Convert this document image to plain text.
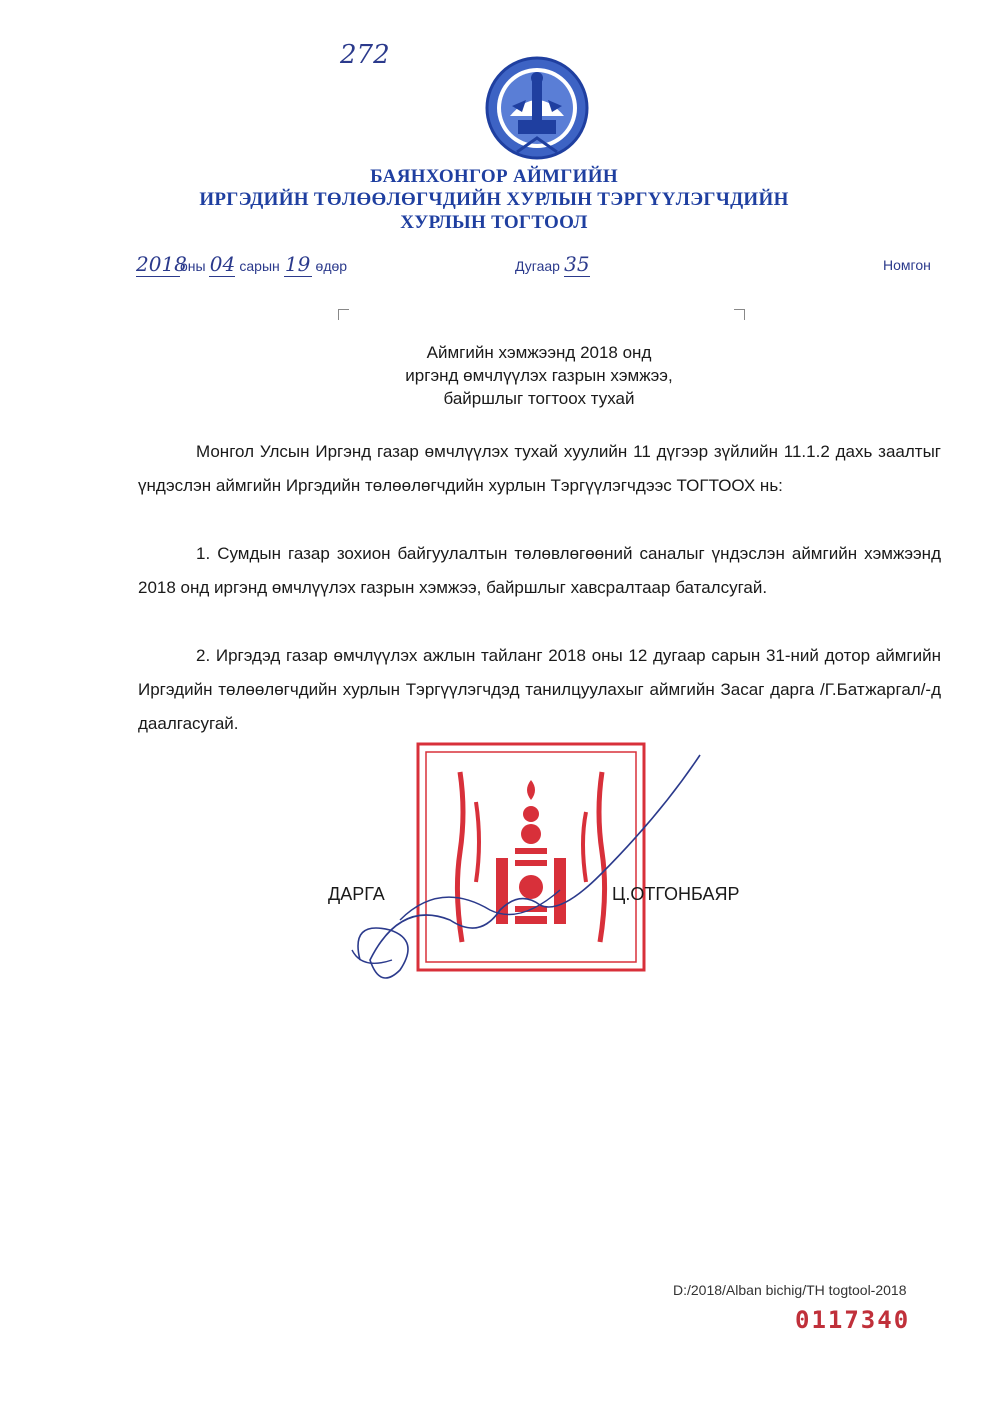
272
БАЯНХОНГОР АЙМГИЙН
ИРГЭДИЙН ТӨЛӨӨЛӨГЧДИЙН ХУРЛЫН ТЭРГҮҮЛЭГЧДИЙН
ХУРЛЫН ТОГТООЛ
2018оны 04 сарын 19 өдөр	Дугаар 35	Номгон
Аймгийн хэмжээнд 2018 онд
иргэнд өмчлүүлэх газрын хэмжээ,
байршлыг тогтоох тухай
Монгол Улсын Иргэнд газар өмчлүүлэх тухай хуулийн 11 дүгээр зүйлийн 11.1.2 дахь заалтыг үндэслэн аймгийн Иргэдийн төлөөлөгчдийн хурлын Тэргүүлэгчдээс ТОГТООХ нь:
1. Сумдын газар зохион байгуулалтын төлөвлөгөөний саналыг үндэслэн аймгийн хэмжээнд 2018 онд иргэнд өмчлүүлэх газрын хэмжээ, байршлыг хавсралтаар баталсугай.
2. Иргэдэд газар өмчлүүлэх ажлын тайланг 2018 оны 12 дугаар сарын 31-ний дотор аймгийн Иргэдийн төлөөлөгчдийн хурлын Тэргүүлэгчдэд танилцуулахыг аймгийн Засаг дарга /Г.Батжаргал/-д даалгасугай.
ДАРГА	Ц.ОТГОНБАЯР
D:/2018/Alban bichig/TH togtool-2018
0117340
